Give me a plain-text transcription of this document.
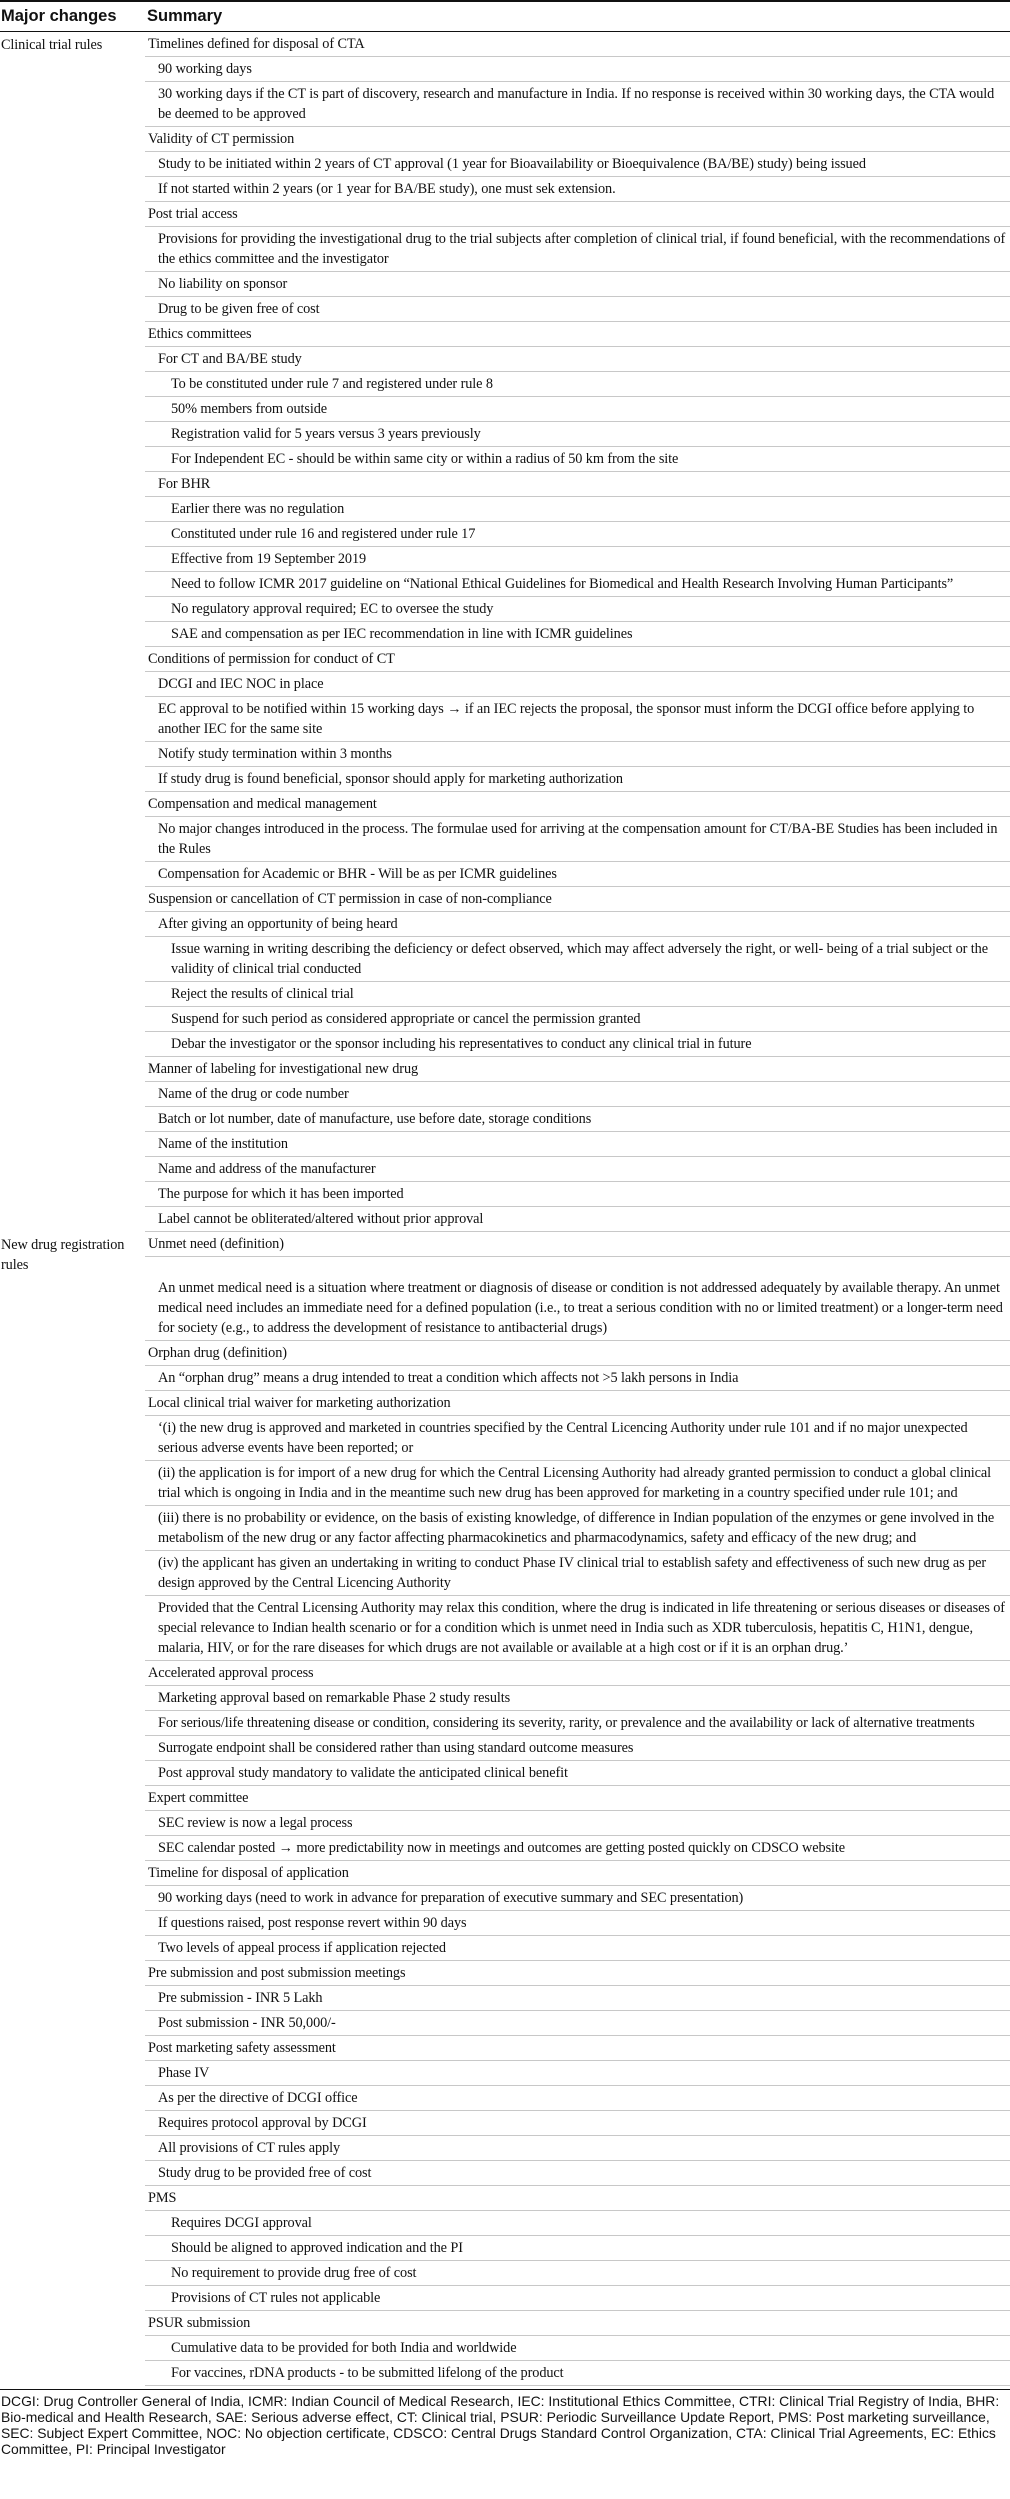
Major changes Summary
Clinical trial rules	Timelines defined for disposal of CTA
90 working days
30 working days if the CT is part of discovery, research and manufacture in India. If no response is received within 30 working days, the CTA would be deemed to be approved
Validity of CT permission
Study to be initiated within 2 years of CT approval (1 year for Bioavailability or Bioequivalence (BA/BE) study) being issued
If not started within 2 years (or 1 year for BA/BE study), one must sek extension.
Post trial access
Provisions for providing the investigational drug to the trial subjects after completion of clinical trial, if found beneficial, with the recommendations of the ethics committee and the investigator
No liability on sponsor
Drug to be given free of cost
Ethics committees
For CT and BA/BE study
To be constituted under rule 7 and registered under rule 8
50% members from outside
Registration valid for 5 years versus 3 years previously
For Independent EC - should be within same city or within a radius of 50 km from the site
For BHR
Earlier there was no regulation
Constituted under rule 16 and registered under rule 17
Effective from 19 September 2019
Need to follow ICMR 2017 guideline on “National Ethical Guidelines for Biomedical and Health Research Involving Human Participants”
No regulatory approval required; EC to oversee the study
SAE and compensation as per IEC recommendation in line with ICMR guidelines
Conditions of permission for conduct of CT
DCGI and IEC NOC in place
EC approval to be notified within 15 working days → if an IEC rejects the proposal, the sponsor must inform the DCGI office before applying to another IEC for the same site
Notify study termination within 3 months
If study drug is found beneficial, sponsor should apply for marketing authorization
Compensation and medical management
No major changes introduced in the process. The formulae used for arriving at the compensation amount for CT/BA-BE Studies has been included in the Rules
Compensation for Academic or BHR - Will be as per ICMR guidelines
Suspension or cancellation of CT permission in case of non-compliance
After giving an opportunity of being heard
Issue warning in writing describing the deficiency or defect observed, which may affect adversely the right, or well- being of a trial subject or the validity of clinical trial conducted
Reject the results of clinical trial
Suspend for such period as considered appropriate or cancel the permission granted
Debar the investigator or the sponsor including his representatives to conduct any clinical trial in future
Manner of labeling for investigational new drug
Name of the drug or code number
Batch or lot number, date of manufacture, use before date, storage conditions
Name of the institution
Name and address of the manufacturer
The purpose for which it has been imported
Label cannot be obliterated/altered without prior approval
New drug registration rules
Unmet need (definition)
An unmet medical need is a situation where treatment or diagnosis of disease or condition is not addressed adequately by available therapy. An unmet medical need includes an immediate need for a defined population (i.e., to treat a serious condition with no or limited treatment) or a longer-term need for society (e.g., to address the development of resistance to antibacterial drugs)
Orphan drug (definition)
An “orphan drug” means a drug intended to treat a condition which affects not >5 lakh persons in India
Local clinical trial waiver for marketing authorization
‘(i) the new drug is approved and marketed in countries specified by the Central Licencing Authority under rule 101 and if no major unexpected serious adverse events have been reported; or
(ii) the application is for import of a new drug for which the Central Licensing Authority had already granted permission to conduct a global clinical trial which is ongoing in India and in the meantime such new drug has been approved for marketing in a country specified under rule 101; and
(iii) there is no probability or evidence, on the basis of existing knowledge, of difference in Indian population of the enzymes or gene involved in the metabolism of the new drug or any factor affecting pharmacokinetics and pharmacodynamics, safety and efficacy of the new drug; and
(iv) the applicant has given an undertaking in writing to conduct Phase IV clinical trial to establish safety and effectiveness of such new drug as per design approved by the Central Licencing Authority
Provided that the Central Licensing Authority may relax this condition, where the drug is indicated in life threatening or serious diseases or diseases of special relevance to Indian health scenario or for a condition which is unmet need in India such as XDR tuberculosis, hepatitis C, H1N1, dengue, malaria, HIV, or for the rare diseases for which drugs are not available or available at a high cost or if it is an orphan drug.’
Accelerated approval process
Marketing approval based on remarkable Phase 2 study results
For serious/life threatening disease or condition, considering its severity, rarity, or prevalence and the availability or lack of alternative treatments
Surrogate endpoint shall be considered rather than using standard outcome measures
Post approval study mandatory to validate the anticipated clinical benefit
Expert committee
SEC review is now a legal process
SEC calendar posted → more predictability now in meetings and outcomes are getting posted quickly on CDSCO website
Timeline for disposal of application
90 working days (need to work in advance for preparation of executive summary and SEC presentation)
If questions raised, post response revert within 90 days
Two levels of appeal process if application rejected
Pre submission and post submission meetings
Pre submission - INR 5 Lakh
Post submission - INR 50,000/-
Post marketing safety assessment
Phase IV
As per the directive of DCGI office
Requires protocol approval by DCGI
All provisions of CT rules apply
Study drug to be provided free of cost
PMS
Requires DCGI approval
Should be aligned to approved indication and the PI
No requirement to provide drug free of cost
Provisions of CT rules not applicable
PSUR submission
Cumulative data to be provided for both India and worldwide
For vaccines, rDNA products - to be submitted lifelong of the product
DCGI: Drug Controller General of India, ICMR: Indian Council of Medical Research, IEC: Institutional Ethics Committee, CTRI: Clinical Trial Registry of India, BHR: Bio-medical and Health Research, SAE: Serious adverse effect, CT: Clinical trial, PSUR: Periodic Surveillance Update Report, PMS: Post marketing surveillance, SEC: Subject Expert Committee, NOC: No objection certificate, CDSCO: Central Drugs Standard Control Organization, CTA: Clinical Trial Agreements, EC: Ethics Committee, PI: Principal Investigator
